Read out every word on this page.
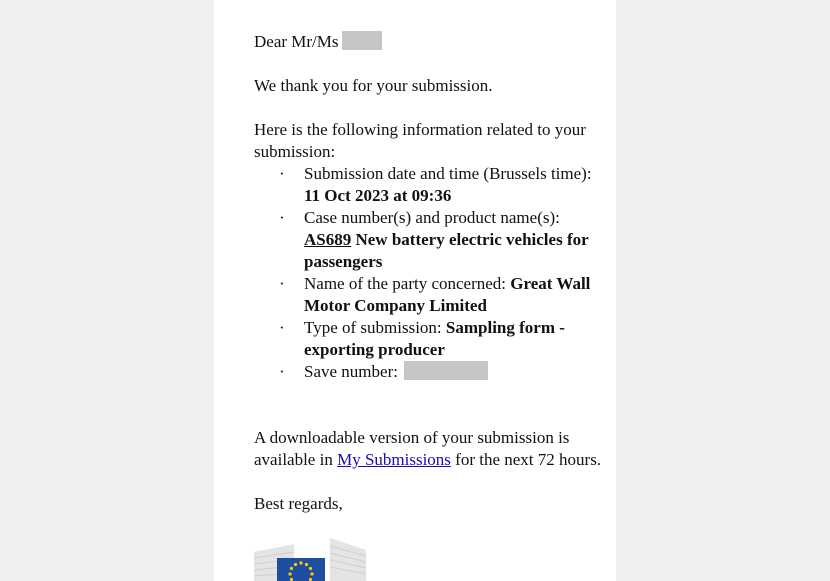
Dear Mr/Ms

We thank you for your submission.

Here is the following information related to your submission:

· Submission date and time (Brussels time): 11 Oct 2023 at 09:36
· Case number(s) and product name(s): AS689 New battery electric vehicles for passengers
· Name of the party concerned: Great Wall Motor Company Limited
· Type of submission: Sampling form - exporting producer
· Save number:

A downloadable version of your submission is available in My Submissions for the next 72 hours.

Best regards,
